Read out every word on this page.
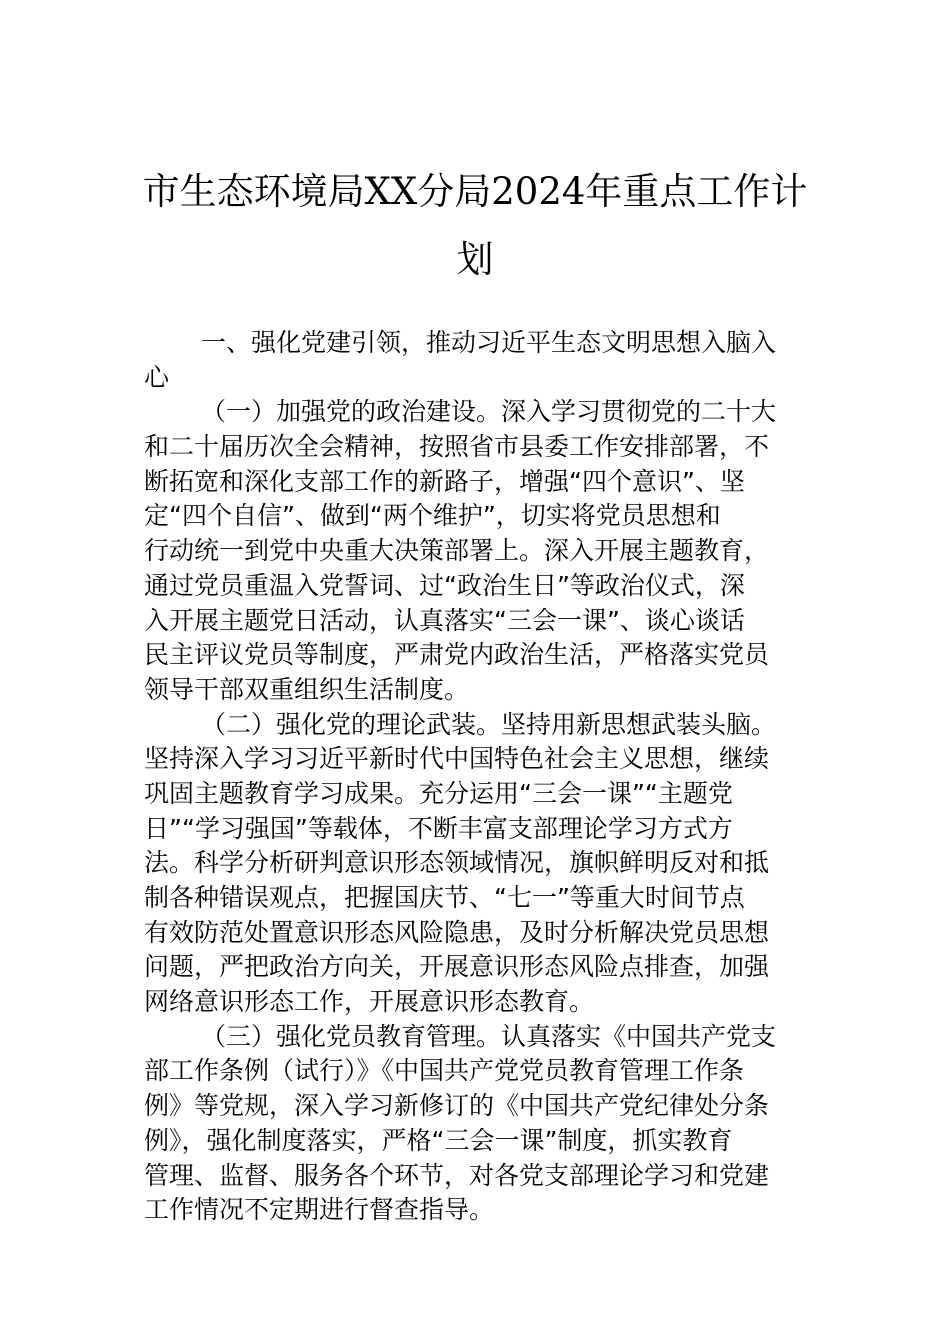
市生态环境局XX分局2024年重点工作计
划
一、强化党建引领，推动习近平生态文明思想入脑入
心
（一）加强党的政治建设。深入学习贯彻党的二十大
和二十届历次全会精神，按照省市县委工作安排部署，不
断拓宽和深化支部工作的新路子，增强“四个意识”、坚
定“四个自信”、做到“两个维护”，切实将党员思想和
行动统一到党中央重大决策部署上。深入开展主题教育，
通过党员重温入党誓词、过“政治生日”等政治仪式，深
入开展主题党日活动，认真落实“三会一课”、谈心谈话
民主评议党员等制度，严肃党内政治生活，严格落实党员
领导干部双重组织生活制度。
（二）强化党的理论武装。坚持用新思想武装头脑。
坚持深入学习习近平新时代中国特色社会主义思想，继续
巩固主题教育学习成果。充分运用“三会一课”“主题党
日”“学习强国”等载体，不断丰富支部理论学习方式方
法。科学分析研判意识形态领域情况，旗帜鲜明反对和抵
制各种错误观点，把握国庆节、“七一”等重大时间节点
有效防范处置意识形态风险隐患，及时分析解决党员思想
问题，严把政治方向关，开展意识形态风险点排查，加强
网络意识形态工作，开展意识形态教育。
（三）强化党员教育管理。认真落实《中国共产党支
部工作条例（试行）》《中国共产党党员教育管理工作条
例》等党规，深入学习新修订的《中国共产党纪律处分条
例》，强化制度落实，严格“三会一课”制度，抓实教育
管理、监督、服务各个环节，对各党支部理论学习和党建
工作情况不定期进行督查指导。
